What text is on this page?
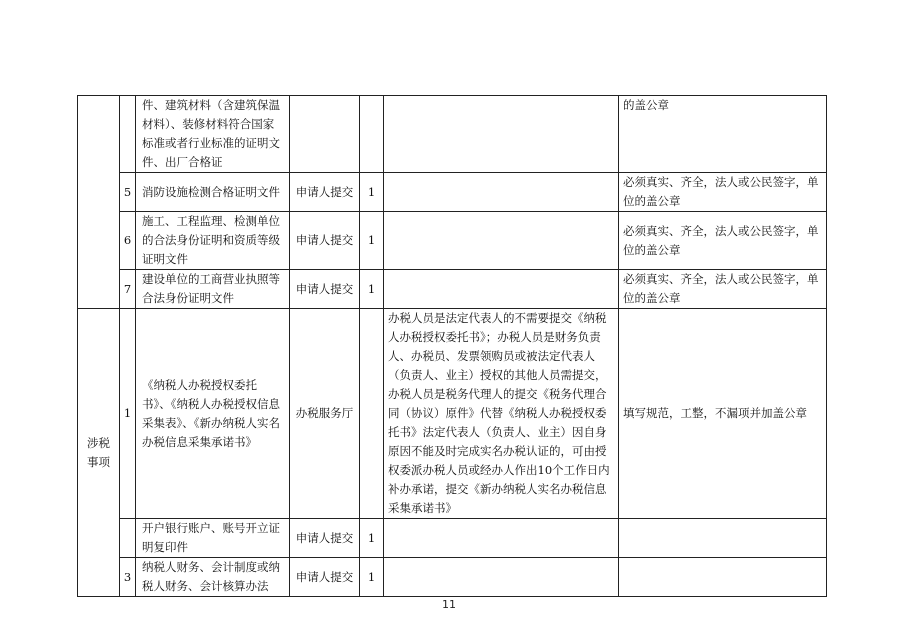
		件、建筑材料（含建筑保温材料）、装修材料符合国家标准或者行业标准的证明文件、出厂合格证				的盖公章
	5	消防设施检测合格证明文件	申请人提交	1		必须真实、齐全，法人或公民签字，单位的盖公章
	6	施工、工程监理、检测单位的合法身份证明和资质等级证明文件	申请人提交	1		必须真实、齐全，法人或公民签字，单位的盖公章
	7	建设单位的工商营业执照等合法身份证明文件	申请人提交	1		必须真实、齐全，法人或公民签字，单位的盖公章
涉税事项	1	《纳税人办税授权委托书》、《纳税人办税授权信息采集表》、《新办纳税人实名办税信息采集承诺书》	办税服务厅		办税人员是法定代表人的不需要提交《纳税人办税授权委托书》；办税人员是财务负责人、办税员、发票领购员或被法定代表人（负责人、业主）授权的其他人员需提交，办税人员是税务代理人的提交《税务代理合同（协议）原件》代替《纳税人办税授权委托书》法定代表人（负责人、业主）因自身原因不能及时完成实名办税认证的，可由授权委派办税人员或经办人作出10个工作日内补办承诺，提交《新办纳税人实名办税信息采集承诺书》	填写规范，工整，不漏项并加盖公章
		开户银行账户、账号开立证明复印件	申请人提交	1		
	3	纳税人财务、会计制度或纳税人财务、会计核算办法	申请人提交	1		
11
